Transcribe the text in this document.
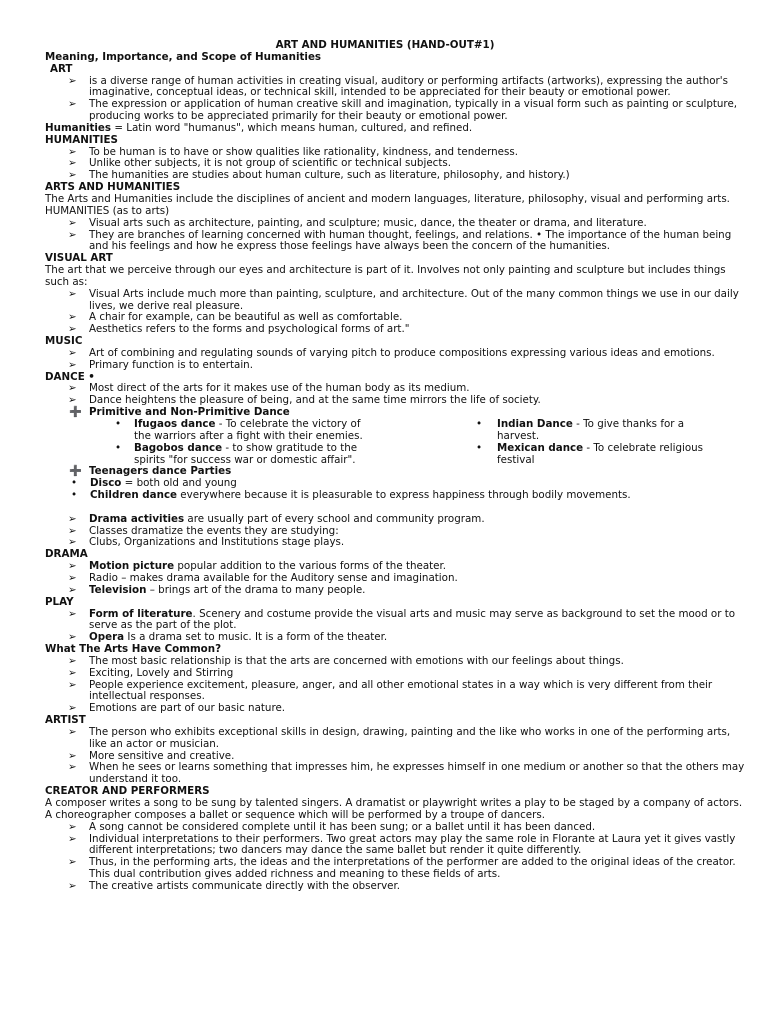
ART AND HUMANITIES (HAND-OUT#1)
Meaning, Importance, and Scope of Humanities
ART
➢	is a diverse range of human activities in creating visual, auditory or performing artifacts (artworks), expressing the author's
imaginative, conceptual ideas, or technical skill, intended to be appreciated for their beauty or emotional power.
➢	The expression or application of human creative skill and imagination, typically in a visual form such as painting or sculpture,
producing works to be appreciated primarily for their beauty or emotional power.
Humanities = Latin word "humanus", which means human, cultured, and refined.
HUMANITIES
➢	To be human is to have or show qualities like rationality, kindness, and tenderness.
➢	Unlike other subjects, it is not group of scientific or technical subjects.
➢	The humanities are studies about human culture, such as literature, philosophy, and history.)
ARTS AND HUMANITIES
The Arts and Humanities include the disciplines of ancient and modern languages, literature, philosophy, visual and performing arts.
HUMANITIES (as to arts)
➢	Visual arts such as architecture, painting, and sculpture; music, dance, the theater or drama, and literature.
➢	They are branches of learning concerned with human thought, feelings, and relations. • The importance of the human being
and his feelings and how he express those feelings have always been the concern of the humanities.
VISUAL ART
The art that we perceive through our eyes and architecture is part of it. Involves not only painting and sculpture but includes things
such as:
➢	Visual Arts include much more than painting, sculpture, and architecture. Out of the many common things we use in our daily
lives, we derive real pleasure.
➢	A chair for example, can be beautiful as well as comfortable.
➢	Aesthetics refers to the forms and psychological forms of art."
MUSIC
➢	Art of combining and regulating sounds of varying pitch to produce compositions expressing various ideas and emotions.
➢	Primary function is to entertain.
DANCE •
➢	Most direct of the arts for it makes use of the human body as its medium.
➢	Dance heightens the pleasure of being, and at the same time mirrors the life of society.
➕ Primitive and Non-Primitive Dance
• Ifugaos dance - To celebrate the victory of
the warriors after a fight with their enemies.
• Bagobos dance - to show gratitude to the
spirits "for success war or domestic affair".
• Indian Dance - To give thanks for a
harvest.
• Mexican dance - To celebrate religious
festival
➕ Teenagers dance Parties
• Disco = both old and young
• Children dance everywhere because it is pleasurable to express happiness through bodily movements.
➢	Drama activities are usually part of every school and community program.
➢	Classes dramatize the events they are studying:
➢	Clubs, Organizations and Institutions stage plays.
DRAMA
➢	Motion picture popular addition to the various forms of the theater.
➢	Radio – makes drama available for the Auditory sense and imagination.
➢	Television – brings art of the drama to many people.
PLAY
➢	Form of literature. Scenery and costume provide the visual arts and music may serve as background to set the mood or to
serve as the part of the plot.
➢	Opera Is a drama set to music. It is a form of the theater.
What The Arts Have Common?
➢	The most basic relationship is that the arts are concerned with emotions with our feelings about things.
➢	Exciting, Lovely and Stirring
➢	People experience excitement, pleasure, anger, and all other emotional states in a way which is very different from their
intellectual responses.
➢	Emotions are part of our basic nature.
ARTIST
➢	The person who exhibits exceptional skills in design, drawing, painting and the like who works in one of the performing arts,
like an actor or musician.
➢	More sensitive and creative.
➢	When he sees or learns something that impresses him, he expresses himself in one medium or another so that the others may
understand it too.
CREATOR AND PERFORMERS
A composer writes a song to be sung by talented singers. A dramatist or playwright writes a play to be staged by a company of actors.
A choreographer composes a ballet or sequence which will be performed by a troupe of dancers.
➢	A song cannot be considered complete until it has been sung; or a ballet until it has been danced.
➢	Individual interpretations to their performers. Two great actors may play the same role in Florante at Laura yet it gives vastly
different interpretations; two dancers may dance the same ballet but render it quite differently.
➢	Thus, in the performing arts, the ideas and the interpretations of the performer are added to the original ideas of the creator.
This dual contribution gives added richness and meaning to these fields of arts.
➢	The creative artists communicate directly with the observer.
